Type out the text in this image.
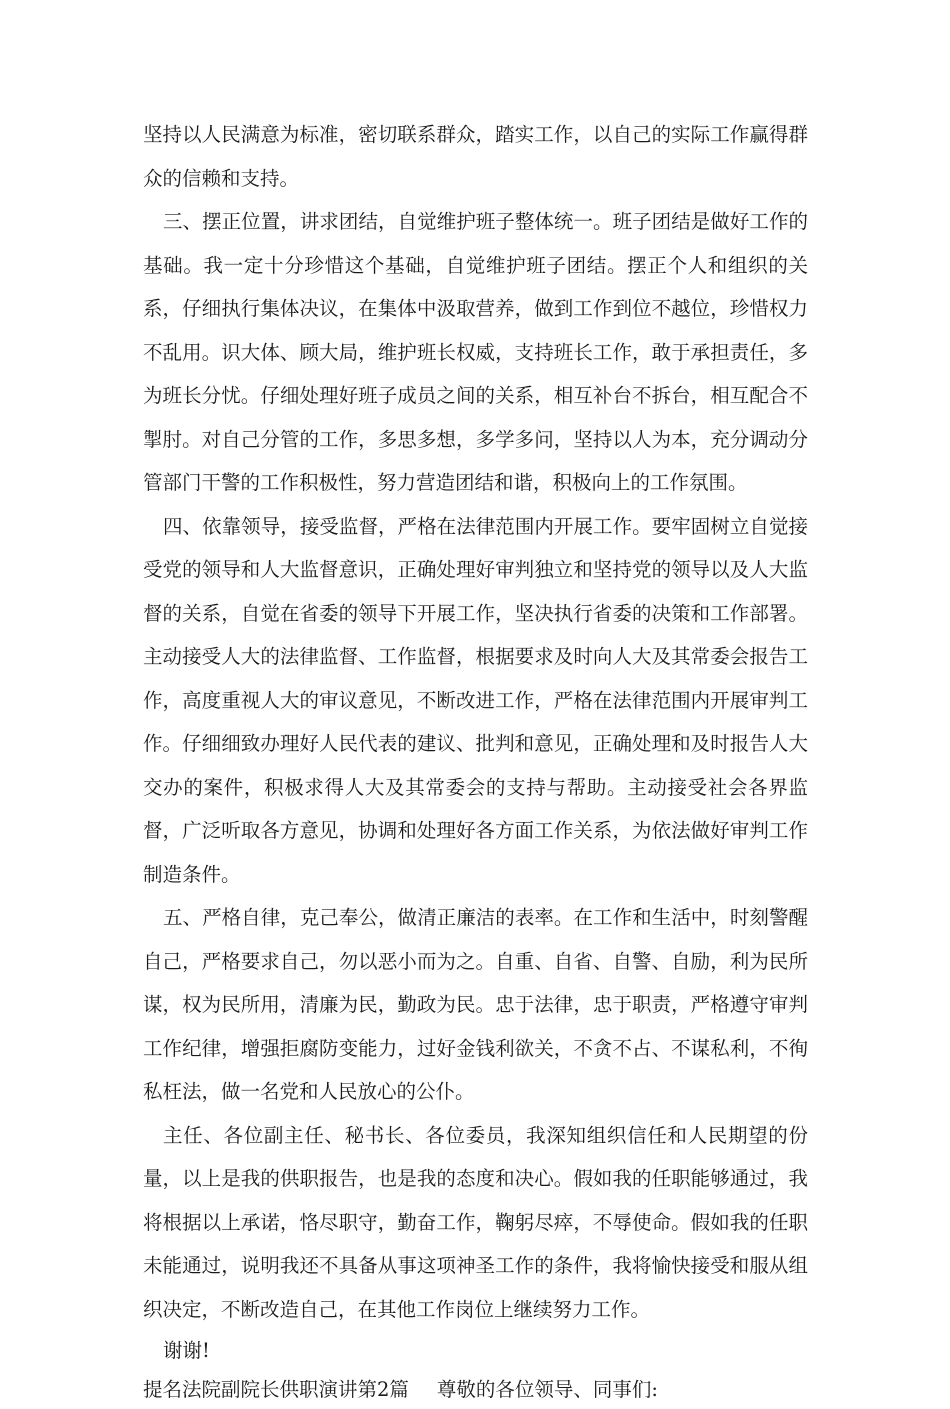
坚持以人民满意为标准，密切联系群众，踏实工作，以自己的实际工作赢得群众的信赖和支持。

三、摆正位置，讲求团结，自觉维护班子整体统一。班子团结是做好工作的基础。我一定十分珍惜这个基础，自觉维护班子团结。摆正个人和组织的关系，仔细执行集体决议，在集体中汲取营养，做到工作到位不越位，珍惜权力不乱用。识大体、顾大局，维护班长权威，支持班长工作，敢于承担责任，多为班长分忧。仔细处理好班子成员之间的关系，相互补台不拆台，相互配合不掣肘。对自己分管的工作，多思多想，多学多问，坚持以人为本，充分调动分管部门干警的工作积极性，努力营造团结和谐，积极向上的工作氛围。

四、依靠领导，接受监督，严格在法律范围内开展工作。要牢固树立自觉接受党的领导和人大监督意识，正确处理好审判独立和坚持党的领导以及人大监督的关系，自觉在省委的领导下开展工作，坚决执行省委的决策和工作部署。主动接受人大的法律监督、工作监督，根据要求及时向人大及其常委会报告工作，高度重视人大的审议意见，不断改进工作，严格在法律范围内开展审判工作。仔细细致办理好人民代表的建议、批判和意见，正确处理和及时报告人大交办的案件，积极求得人大及其常委会的支持与帮助。主动接受社会各界监督，广泛听取各方意见，协调和处理好各方面工作关系，为依法做好审判工作制造条件。

五、严格自律，克己奉公，做清正廉洁的表率。在工作和生活中，时刻警醒自己，严格要求自己，勿以恶小而为之。自重、自省、自警、自励，利为民所谋，权为民所用，清廉为民，勤政为民。忠于法律，忠于职责，严格遵守审判工作纪律，增强拒腐防变能力，过好金钱利欲关，不贪不占、不谋私利，不徇私枉法，做一名党和人民放心的公仆。

主任、各位副主任、秘书长、各位委员，我深知组织信任和人民期望的份量，以上是我的供职报告，也是我的态度和决心。假如我的任职能够通过，我将根据以上承诺，恪尽职守，勤奋工作，鞠躬尽瘁，不辱使命。假如我的任职未能通过，说明我还不具备从事这项神圣工作的条件，我将愉快接受和服从组织决定，不断改造自己，在其他工作岗位上继续努力工作。

谢谢!

提名法院副院长供职演讲第2篇 尊敬的各位领导、同事们:
